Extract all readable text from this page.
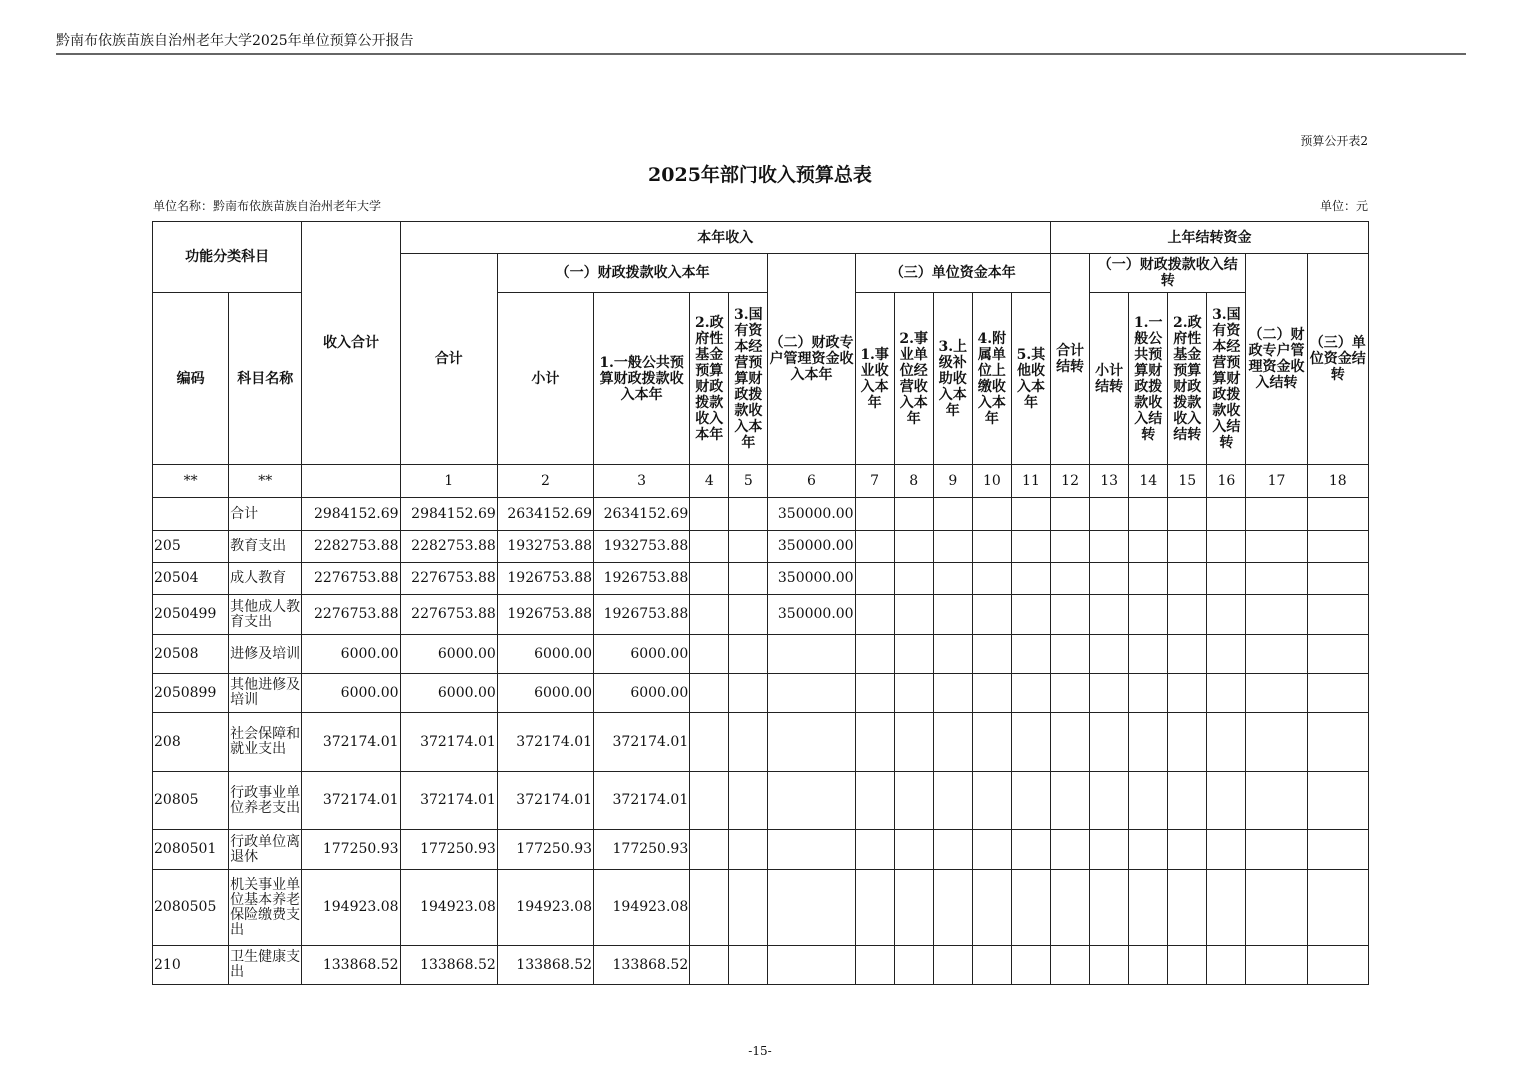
黔南布依族苗族自治州老年大学2025年单位预算公开报告
预算公开表2
2025年部门收入预算总表
单位名称：黔南布依族苗族自治州老年大学	单位：元
功能分类科目		收入合计	本年收入											上年结转资金						
			合计	（一）财政拨款收入本年				（二）财政专户管理资金收入本年	（三）单位资金本年					合计结转	（一）财政拨款收入结转				（二）财政专户管理资金收入结转	（三）单位资金结转
编码	科目名称			小计	1.一般公共预算财政拨款收入本年	2.政府性基金预算财政拨款收入本年	3.国有资本经营预算财政拨款收入本年		1.事业收入本年	2.事业单位经营收入本年	3.上级补助收入本年	4.附属单位上缴收入本年	5.其他收入本年		小计结转	1.一般公共预算财政拨款收入结转	2.政府性基金预算财政拨款收入结转	3.国有资本经营预算财政拨款收入结转		
**	**		1	2	3	4	5	6	7	8	9	10	11	12	13	14	15	16	17	18
	合计	2984152.69	2984152.69	2634152.69	2634152.69			350000.00												
205	教育支出	2282753.88	2282753.88	1932753.88	1932753.88			350000.00												
20504	成人教育	2276753.88	2276753.88	1926753.88	1926753.88			350000.00												
2050499	其他成人教育支出	2276753.88	2276753.88	1926753.88	1926753.88			350000.00												
20508	进修及培训	6000.00	6000.00	6000.00	6000.00															
2050899	其他进修及培训	6000.00	6000.00	6000.00	6000.00															
208	社会保障和就业支出	372174.01	372174.01	372174.01	372174.01															
20805	行政事业单位养老支出	372174.01	372174.01	372174.01	372174.01															
2080501	行政单位离退休	177250.93	177250.93	177250.93	177250.93															
2080505	机关事业单位基本养老保险缴费支出	194923.08	194923.08	194923.08	194923.08															
210	卫生健康支出	133868.52	133868.52	133868.52	133868.52															
-15-
